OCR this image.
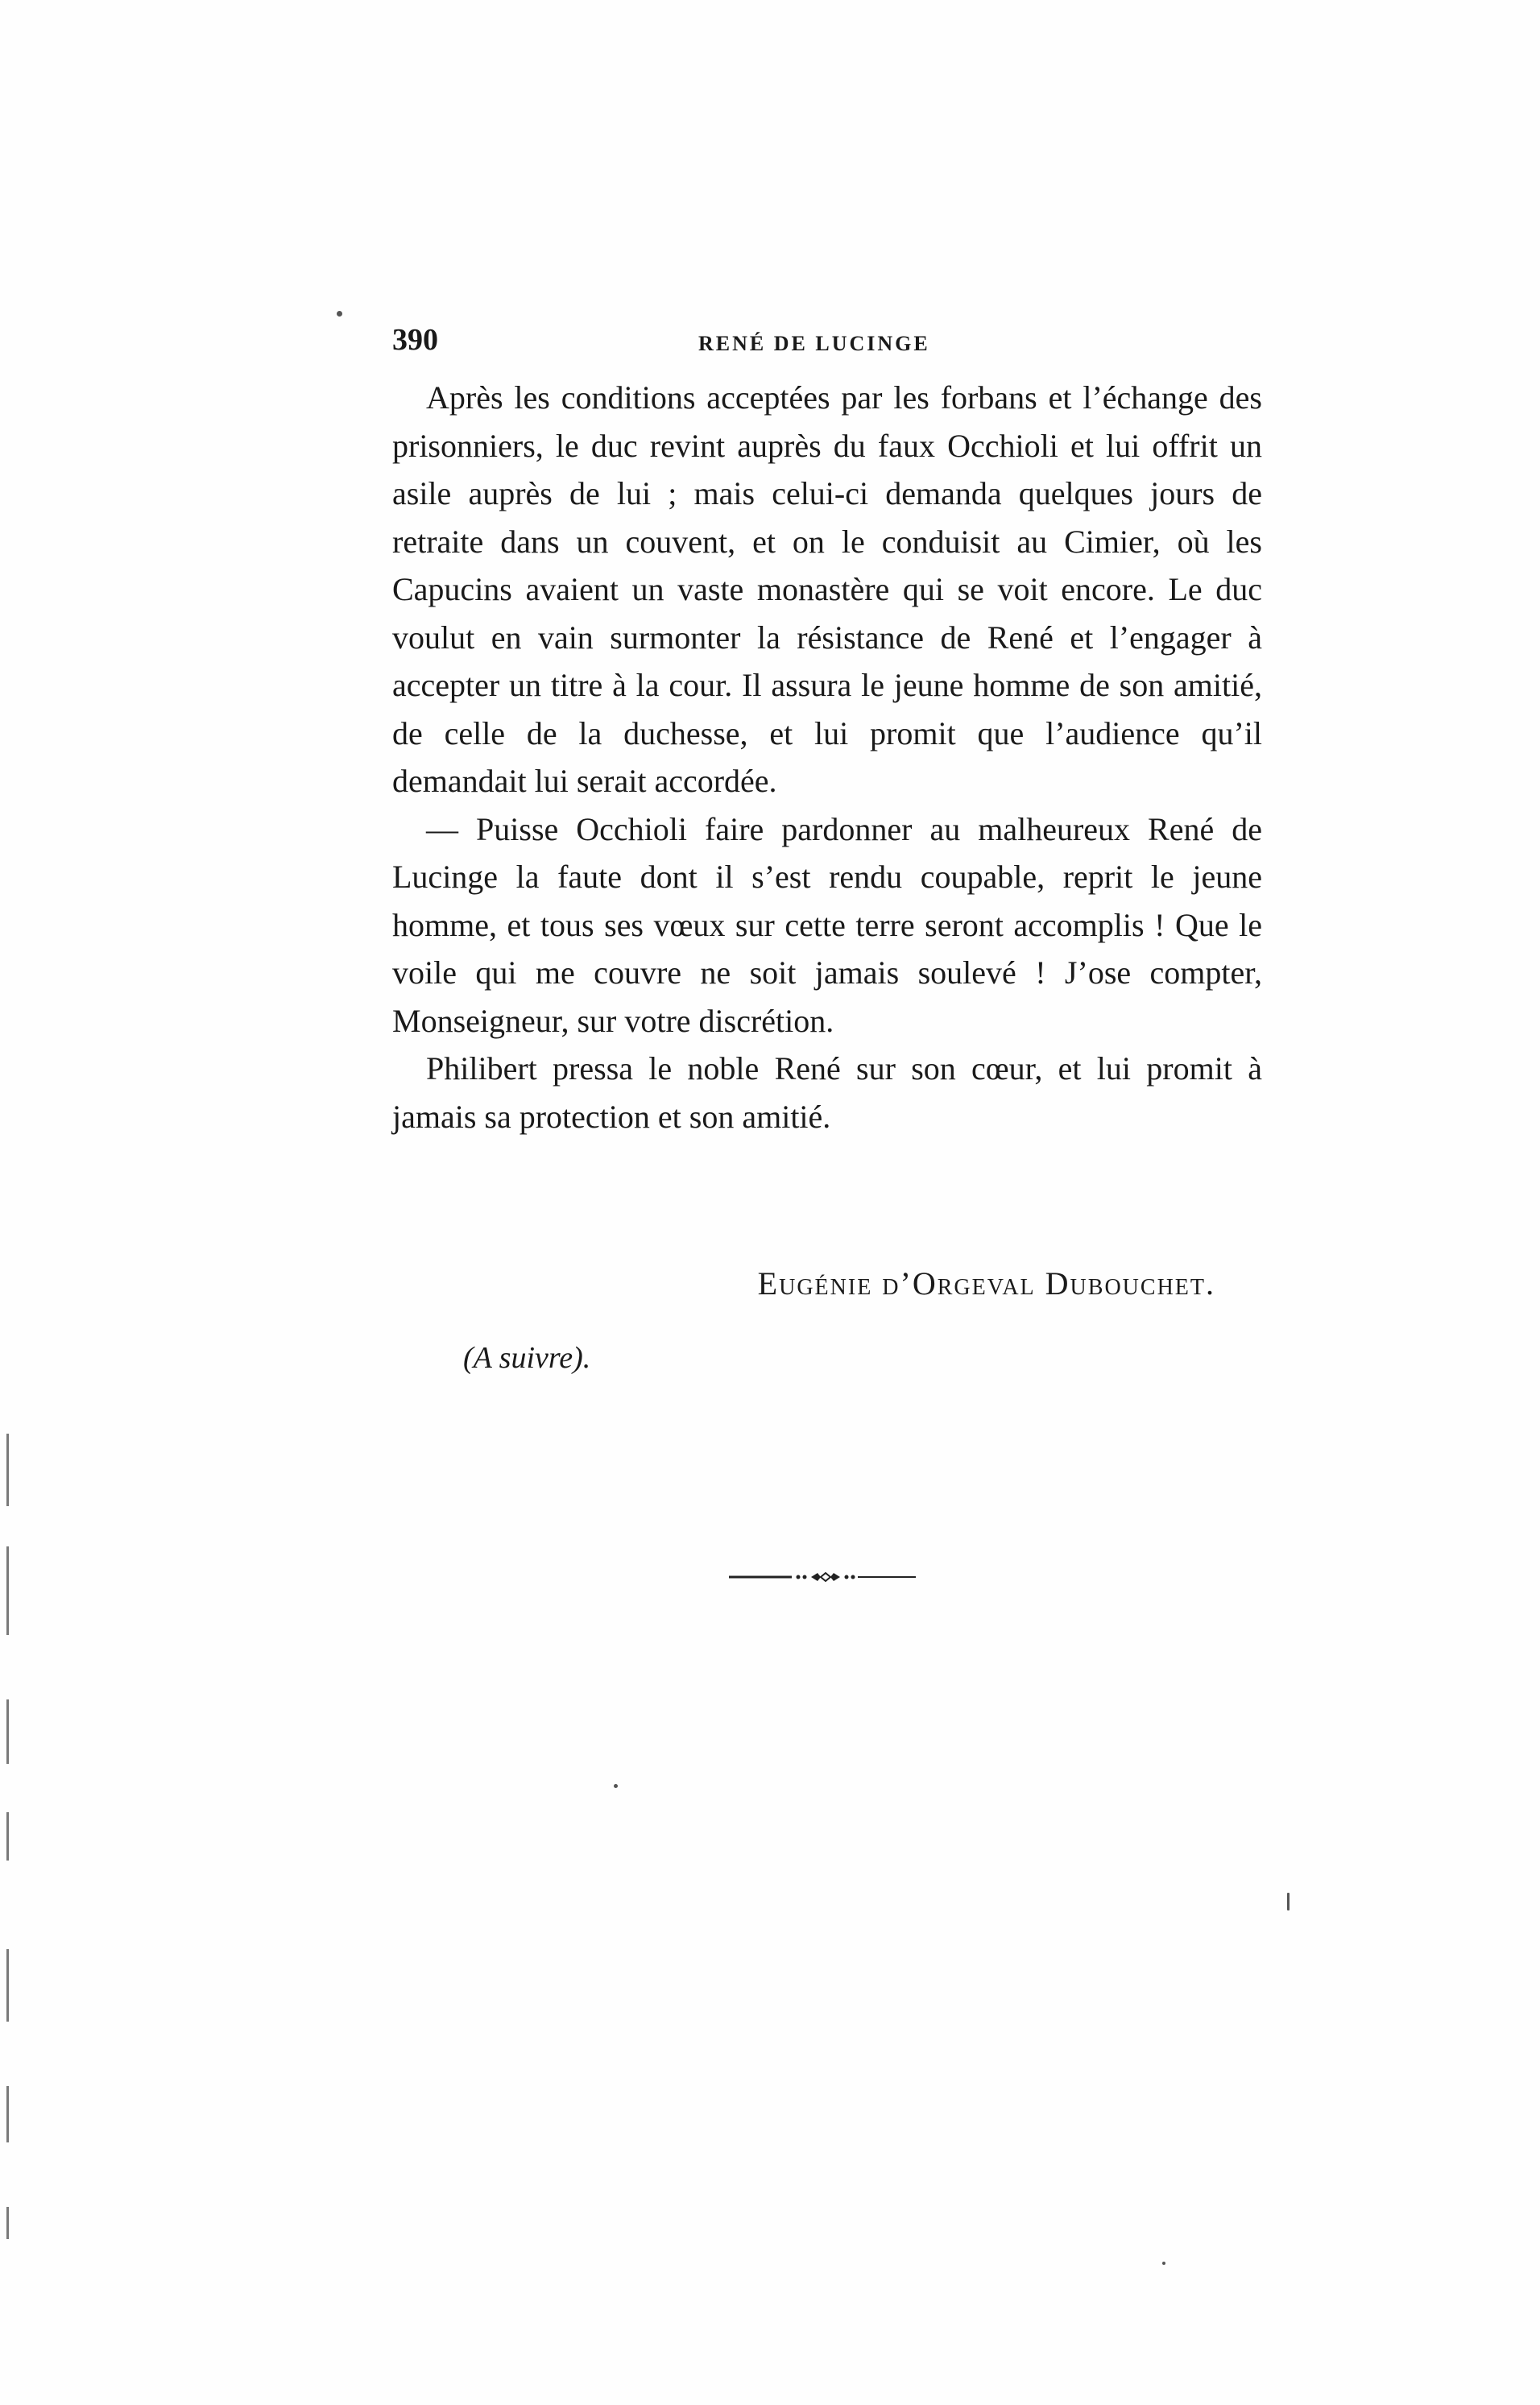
390	RENÉ DE LUCINGE

Après les conditions acceptées par les forbans et l’échange des prisonniers, le duc revint auprès du faux Occhioli et lui offrit un asile auprès de lui ; mais celui-ci demanda quelques jours de retraite dans un couvent, et on le conduisit au Cimier, où les Capucins avaient un vaste monastère qui se voit encore. Le duc voulut en vain surmonter la résistance de René et l’engager à accepter un titre à la cour. Il assura le jeune homme de son amitié, de celle de la duchesse, et lui promit que l’audience qu’il demandait lui serait accordée.

— Puisse Occhioli faire pardonner au malheureux René de Lucinge la faute dont il s’est rendu coupable, reprit le jeune homme, et tous ses vœux sur cette terre seront accomplis ! Que le voile qui me couvre ne soit jamais soulevé ! J’ose compter, Monseigneur, sur votre discrétion.

Philibert pressa le noble René sur son cœur, et lui promit à jamais sa protection et son amitié.

Eugénie d’Orgeval Dubouchet.
(A suivre).
